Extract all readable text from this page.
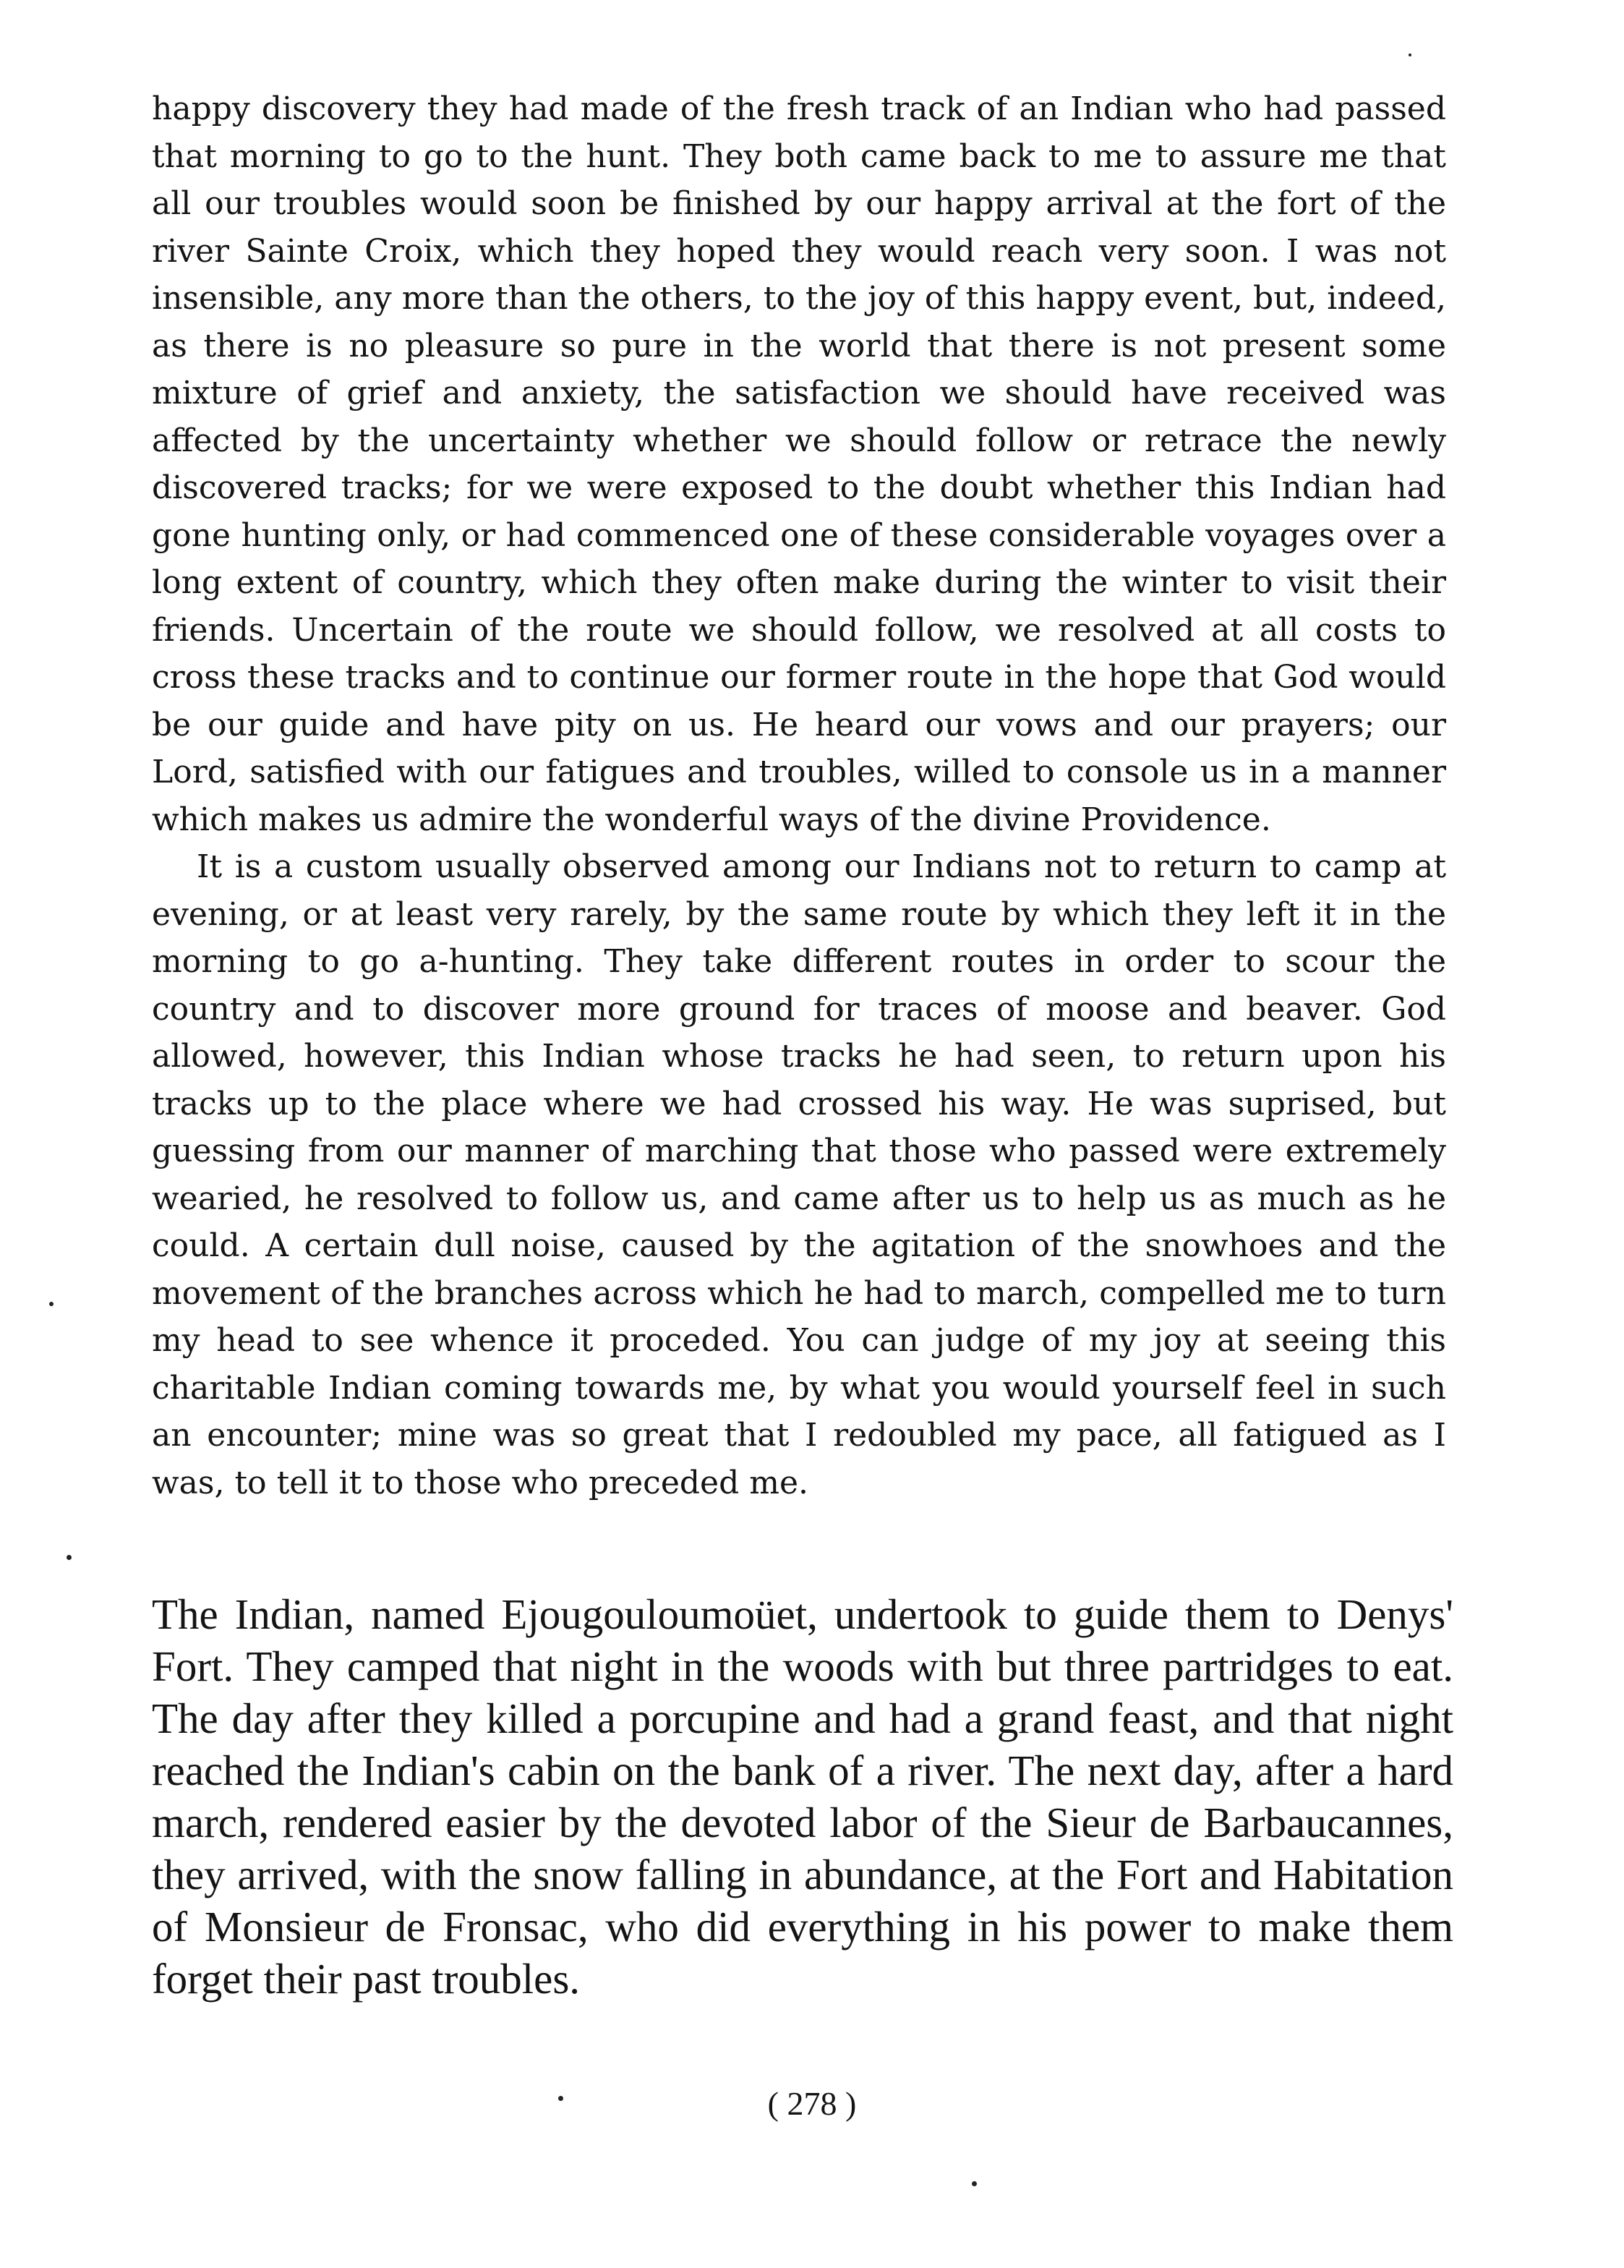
happy discovery they had made of the fresh track of an Indian who had passed that morning to go to the hunt. They both came back to me to assure me that all our troubles would soon be finished by our happy arrival at the fort of the river Sainte Croix, which they hoped they would reach very soon. I was not insensible, any more than the others, to the joy of this happy event, but, indeed, as there is no pleasure so pure in the world that there is not present some mixture of grief and anxiety, the satisfaction we should have received was affected by the uncertainty whether we should follow or retrace the newly discovered tracks; for we were exposed to the doubt whether this Indian had gone hunting only, or had commenced one of these considerable voyages over a long extent of country, which they often make during the winter to visit their friends. Uncertain of the route we should follow, we resolved at all costs to cross these tracks and to continue our former route in the hope that God would be our guide and have pity on us. He heard our vows and our prayers; our Lord, satisfied with our fatigues and troubles, willed to console us in a manner which makes us admire the wonderful ways of the divine Providence.

It is a custom usually observed among our Indians not to return to camp at evening, or at least very rarely, by the same route by which they left it in the morning to go a-hunting. They take different routes in order to scour the country and to discover more ground for traces of moose and beaver. God allowed, however, this Indian whose tracks he had seen, to return upon his tracks up to the place where we had crossed his way. He was suprised, but guessing from our manner of marching that those who passed were extremely wearied, he resolved to follow us, and came after us to help us as much as he could. A certain dull noise, caused by the agitation of the snowhoes and the movement of the branches across which he had to march, compelled me to turn my head to see whence it proceded. You can judge of my joy at seeing this charitable Indian coming towards me, by what you would yourself feel in such an encounter; mine was so great that I redoubled my pace, all fatigued as I was, to tell it to those who preceded me.

The Indian, named Ejougouloumoüet, undertook to guide them to Denys' Fort. They camped that night in the woods with but three partridges to eat. The day after they killed a porcupine and had a grand feast, and that night reached the Indian's cabin on the bank of a river. The next day, after a hard march, rendered easier by the devoted labor of the Sieur de Barbaucannes, they arrived, with the snow falling in abundance, at the Fort and Habitation of Monsieur de Fronsac, who did everything in his power to make them forget their past troubles.

( 278 )
